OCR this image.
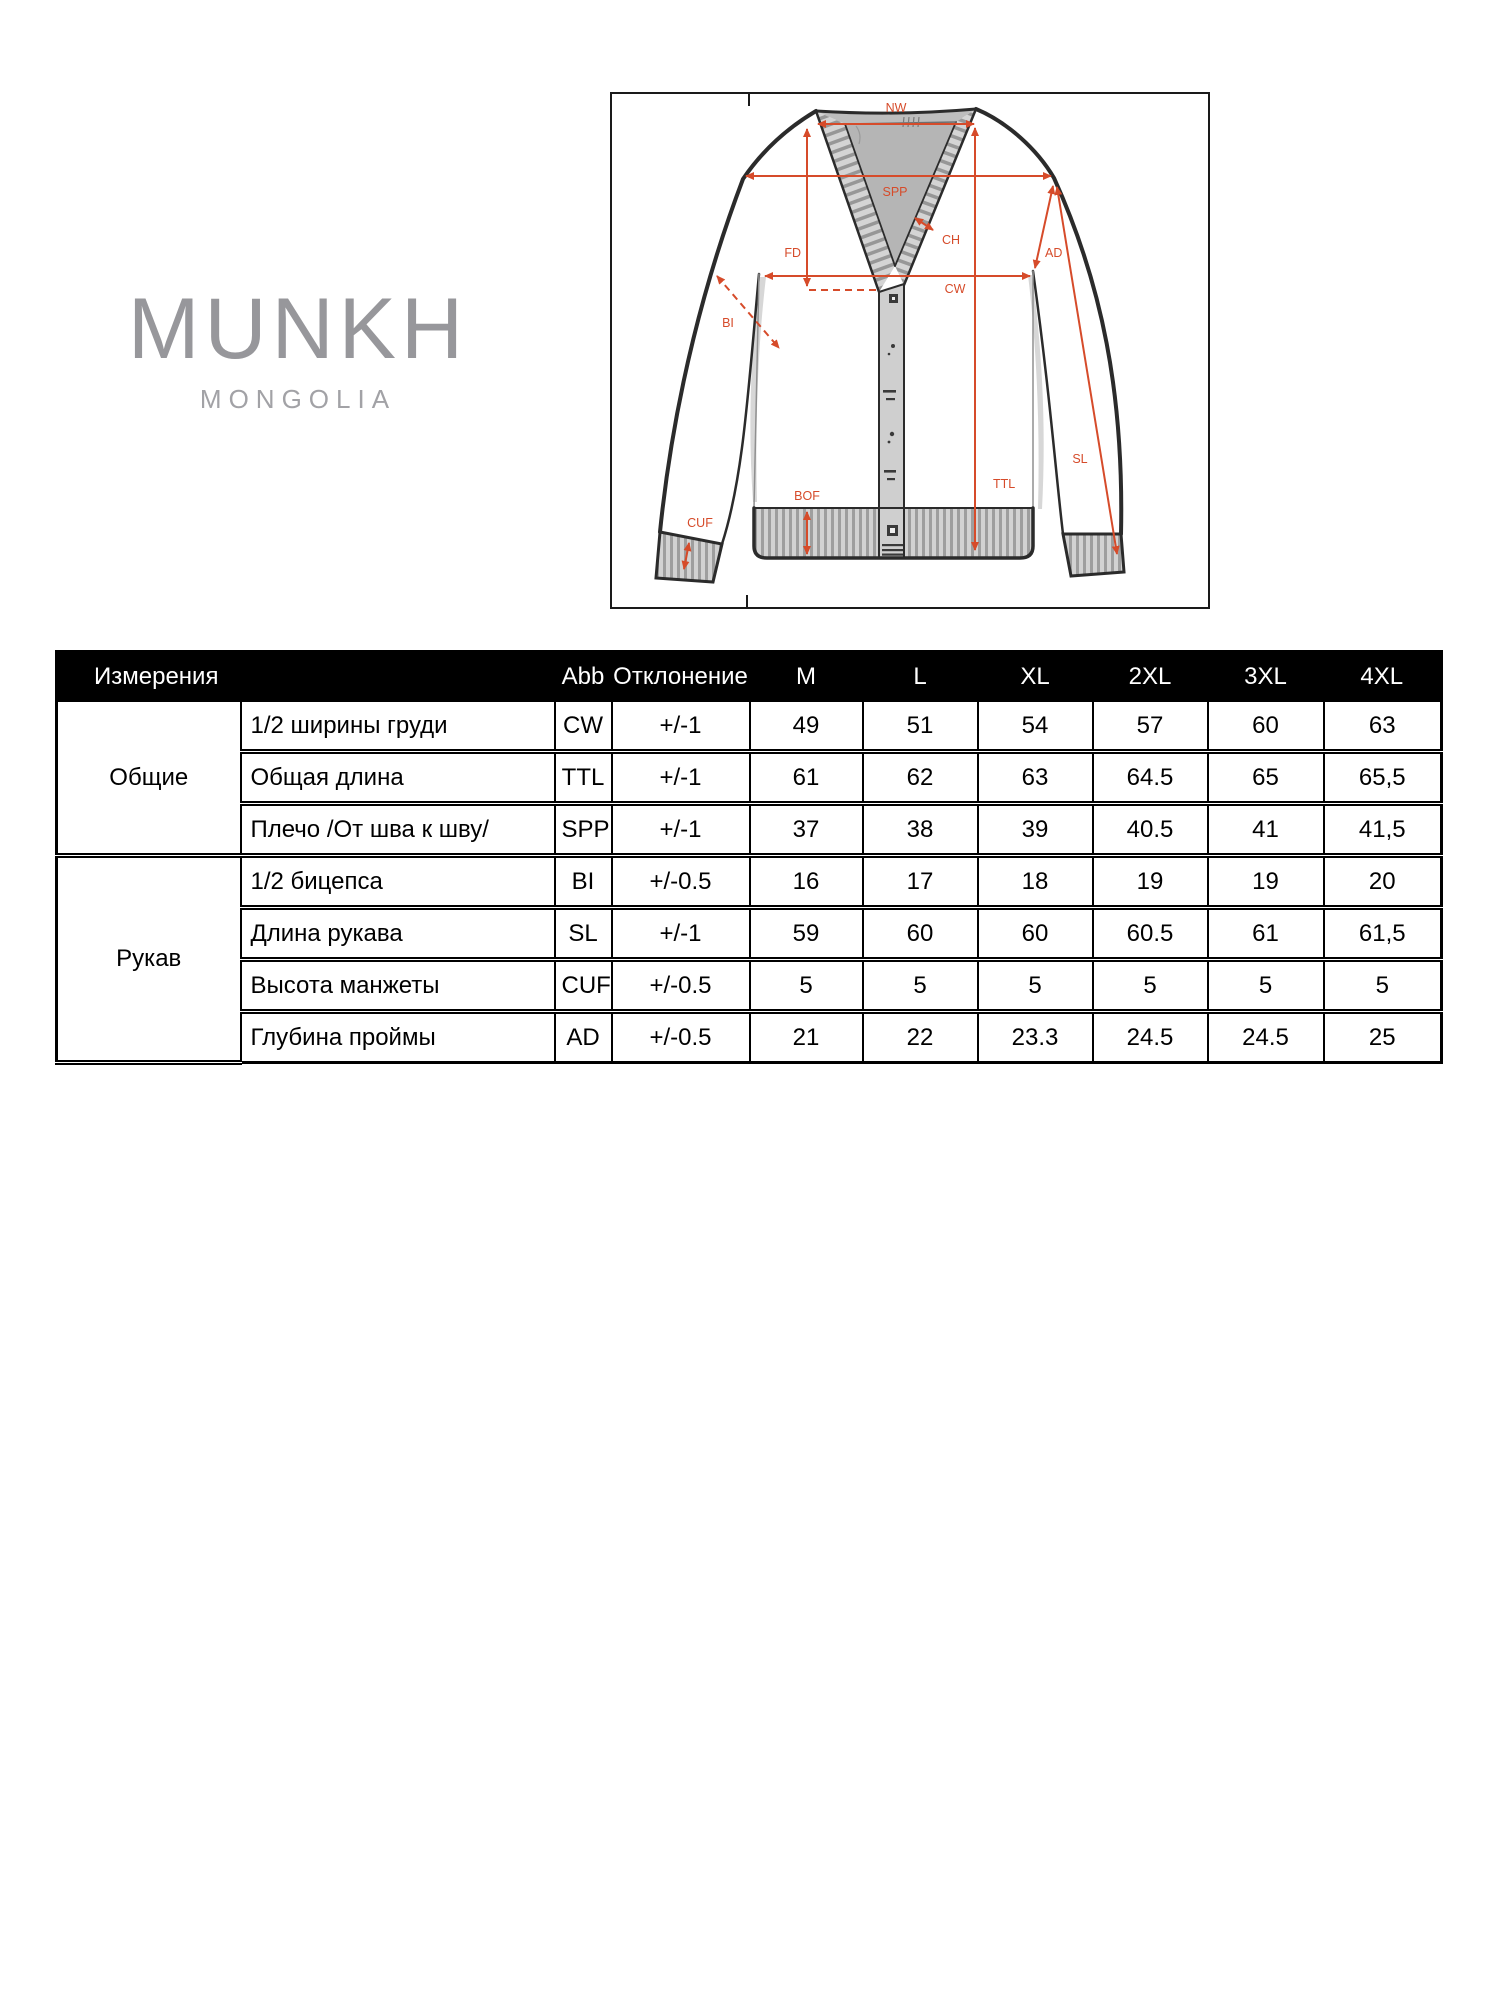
MUNKH
MONGOLIA
NW
SPP
FD
CH
CW
BI
TTL
SL
AD
BOF
CUF
Измерения		Abb	Отклонение	M	L	XL	2XL	3XL	4XL
Общие	1/2 ширины груди	CW	+/-1	49	51	54	57	60	63
	Общая длина	TTL	+/-1	61	62	63	64.5	65	65,5
	Плечо /От шва к шву/	SPP	+/-1	37	38	39	40.5	41	41,5
Рукав	1/2 бицепса	BI	+/-0.5	16	17	18	19	19	20
	Длина рукава	SL	+/-1	59	60	60	60.5	61	61,5
	Высота манжеты	CUF	+/-0.5	5	5	5	5	5	5
	Глубина проймы	AD	+/-0.5	21	22	23.3	24.5	24.5	25
